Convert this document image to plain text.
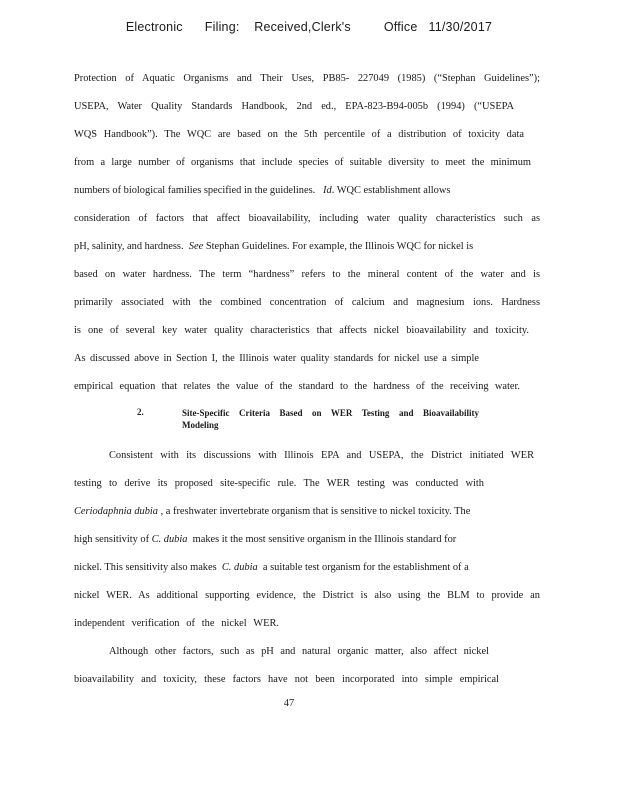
Electronic      Filing:    Received,Clerk's         Office   11/30/2017
Protection of Aquatic Organisms and Their Uses, PB85- 227049 (1985) (“Stephan Guidelines”);
USEPA, Water Quality Standards Handbook, 2nd ed., EPA-823-B94-005b (1994) (“USEPA
WQS Handbook”). The WQC are based on the 5th percentile of a distribution of toxicity data
from a large number of organisms that include species of suitable diversity to meet the minimum
numbers of biological families specified in the guidelines. Id. WQC establishment allows
consideration of factors that affect bioavailability, including water quality characteristics such as
pH, salinity, and hardness. See Stephan Guidelines. For example, the Illinois WQC for nickel is
based on water hardness. The term “hardness” refers to the mineral content of the water and is
primarily associated with the combined concentration of calcium and magnesium ions. Hardness
is one of several key water quality characteristics that affects nickel bioavailability and toxicity.
As discussed above in Section I, the Illinois water quality standards for nickel use a simple
empirical equation that relates the value of the standard to the hardness of the receiving water.
2.	Site-Specific Criteria Based on WER Testing and Bioavailability
Modeling
Consistent with its discussions with Illinois EPA and USEPA, the District initiated WER
testing to derive its proposed site-specific rule. The WER testing was conducted with
Ceriodaphnia dubia , a freshwater invertebrate organism that is sensitive to nickel toxicity. The
high sensitivity of C. dubia makes it the most sensitive organism in the Illinois standard for
nickel. This sensitivity also makes C. dubia a suitable test organism for the establishment of a
nickel WER. As additional supporting evidence, the District is also using the BLM to provide an
independent verification of the nickel WER.
Although other factors, such as pH and natural organic matter, also affect nickel
bioavailability and toxicity, these factors have not been incorporated into simple empirical
47
